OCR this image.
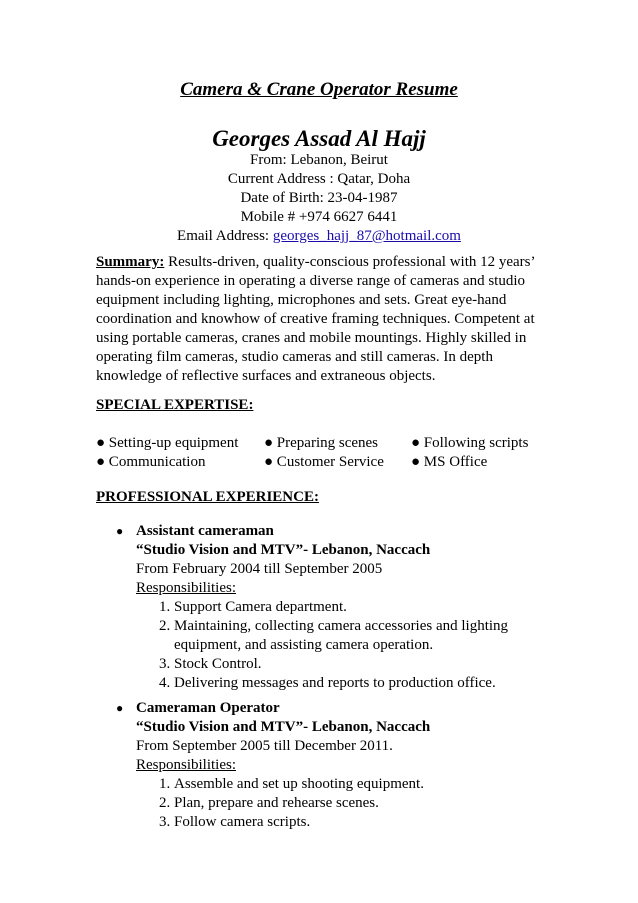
Camera & Crane Operator Resume
Georges Assad Al Hajj
From: Lebanon, Beirut
Current Address : Qatar, Doha
Date of Birth: 23-04-1987
Mobile # +974 6627 6441
Email Address: georges_hajj_87@hotmail.com
Summary: Results-driven, quality-conscious professional with 12 years’ hands-on experience in operating a diverse range of cameras and studio equipment including lighting, microphones and sets. Great eye-hand coordination and knowhow of creative framing techniques. Competent at using portable cameras, cranes and mobile mountings. Highly skilled in operating film cameras, studio cameras and still cameras. In depth knowledge of reflective surfaces and extraneous objects.
SPECIAL EXPERTISE:
● Setting-up equipment ● Preparing scenes ● Following scripts
● Communication	● Customer Service ● MS Office
PROFESSIONAL EXPERIENCE:
● Assistant cameraman
“Studio Vision and MTV”- Lebanon, Naccach
From February 2004 till September 2005
Responsibilities:
1. Support Camera department.
2. Maintaining, collecting camera accessories and lighting equipment, and assisting camera operation.
3. Stock Control.
4. Delivering messages and reports to production office.
● Cameraman Operator
“Studio Vision and MTV”- Lebanon, Naccach
From September 2005 till December 2011.
Responsibilities:
1. Assemble and set up shooting equipment.
2. Plan, prepare and rehearse scenes.
3. Follow camera scripts.
